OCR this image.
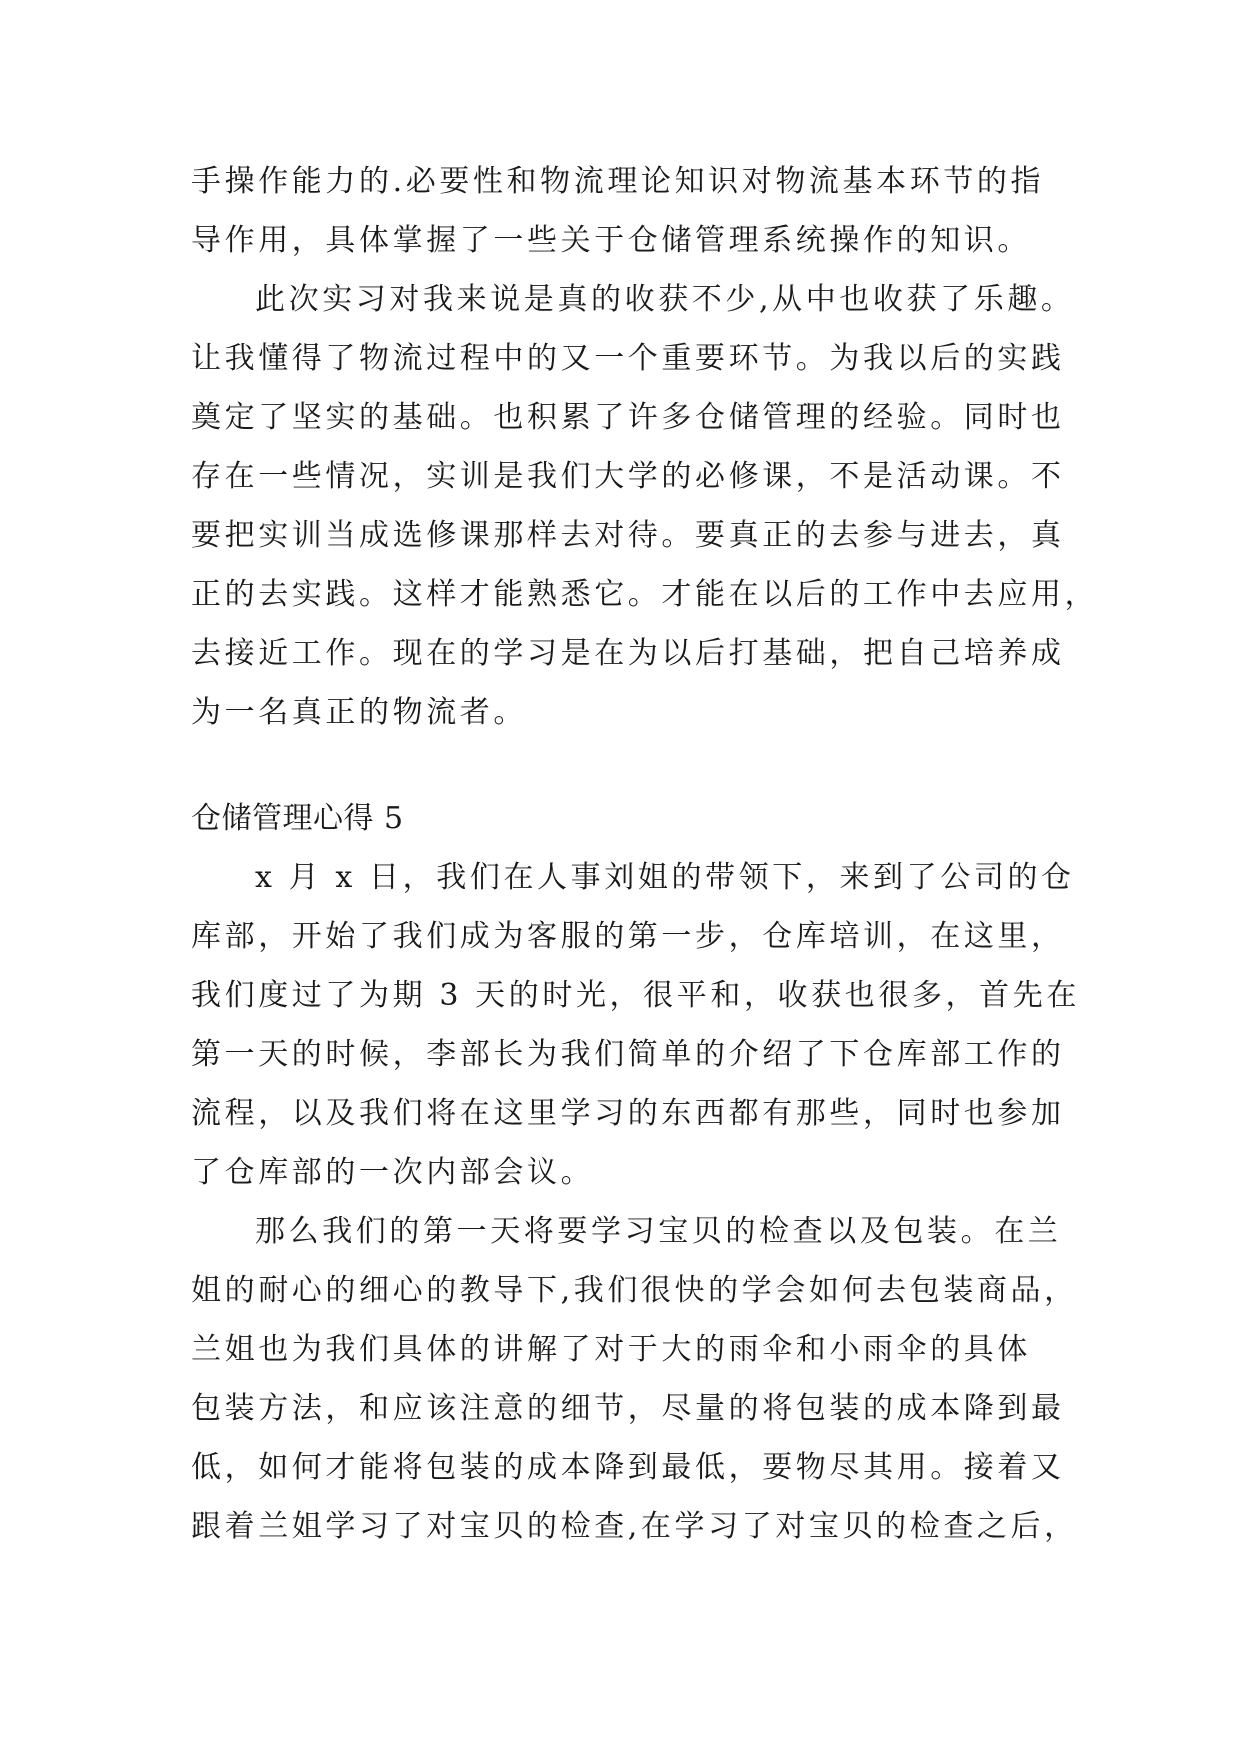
手操作能力的.必要性和物流理论知识对物流基本环节的指
导作用，具体掌握了一些关于仓储管理系统操作的知识。
此次实习对我来说是真的收获不少,从中也收获了乐趣。
让我懂得了物流过程中的又一个重要环节。为我以后的实践
奠定了坚实的基础。也积累了许多仓储管理的经验。同时也
存在一些情况，实训是我们大学的必修课，不是活动课。不
要把实训当成选修课那样去对待。要真正的去参与进去，真
正的去实践。这样才能熟悉它。才能在以后的工作中去应用，
去接近工作。现在的学习是在为以后打基础，把自己培养成
为一名真正的物流者。
仓储管理心得 5
x 月 x 日，我们在人事刘姐的带领下，来到了公司的仓
库部，开始了我们成为客服的第一步，仓库培训，在这里，
我们度过了为期 3 天的时光，很平和，收获也很多，首先在
第一天的时候，李部长为我们简单的介绍了下仓库部工作的
流程，以及我们将在这里学习的东西都有那些，同时也参加
了仓库部的一次内部会议。
那么我们的第一天将要学习宝贝的检查以及包装。在兰
姐的耐心的细心的教导下,我们很快的学会如何去包装商品，
兰姐也为我们具体的讲解了对于大的雨伞和小雨伞的具体
包装方法，和应该注意的细节，尽量的将包装的成本降到最
低，如何才能将包装的成本降到最低，要物尽其用。接着又
跟着兰姐学习了对宝贝的检查,在学习了对宝贝的检查之后，
